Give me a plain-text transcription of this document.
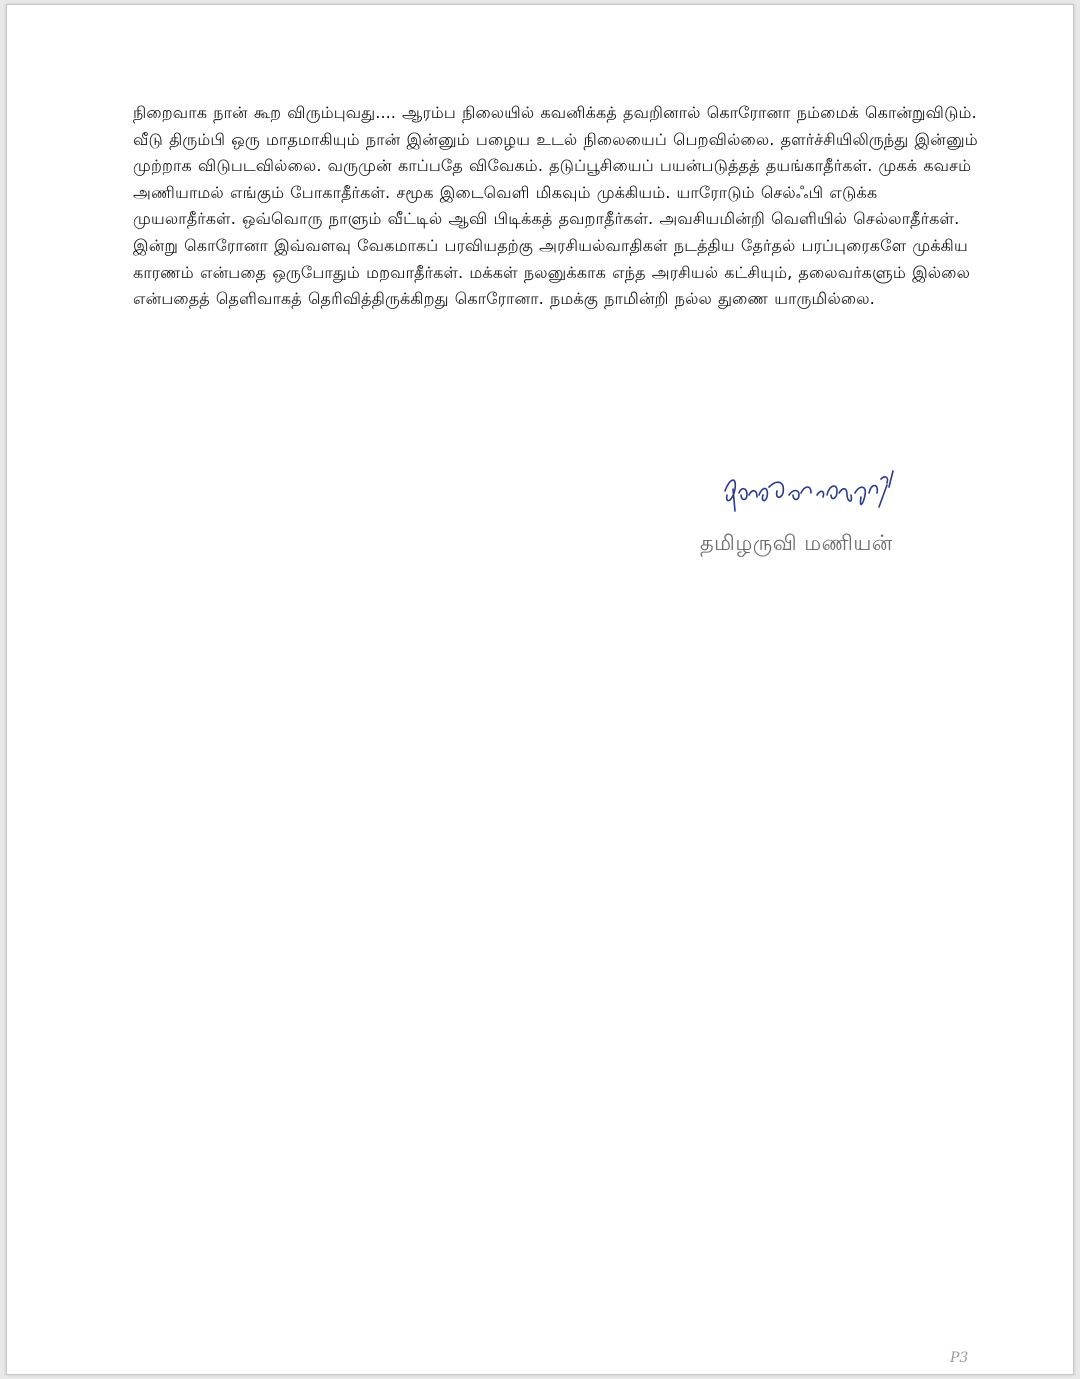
நிறைவாக நான் கூற விரும்புவது.... ஆரம்ப நிலையில் கவனிக்கத் தவறினால் கொரோனா நம்மைக் கொன்றுவிடும். வீடு திரும்பி ஒரு மாதமாகியும் நான் இன்னும் பழைய உடல் நிலையைப் பெறவில்லை. தளர்ச்சியிலிருந்து இன்னும் முற்றாக விடுபடவில்லை. வருமுன் காப்பதே விவேகம். தடுப்பூசியைப் பயன்படுத்தத் தயங்காதீர்கள். முகக் கவசம் அணியாமல் எங்கும் போகாதீர்கள். சமூக இடைவெளி மிகவும் முக்கியம். யாரோடும் செல்ஃபி எடுக்க முயலாதீர்கள். ஒவ்வொரு நாளும் வீட்டில் ஆவி பிடிக்கத் தவறாதீர்கள். அவசியமின்றி வெளியில் செல்லாதீர்கள். இன்று கொரோனா இவ்வளவு வேகமாகப் பரவியதற்கு அரசியல்வாதிகள் நடத்திய தேர்தல் பரப்புரைகளே முக்கிய காரணம் என்பதை ஒருபோதும் மறவாதீர்கள். மக்கள் நலனுக்காக எந்த அரசியல் கட்சியும், தலைவர்களும் இல்லை என்பதைத் தெளிவாகத் தெரிவித்திருக்கிறது கொரோனா. நமக்கு நாமின்றி நல்ல துணை யாருமில்லை.

தமிழருவி மணியன்

P3
